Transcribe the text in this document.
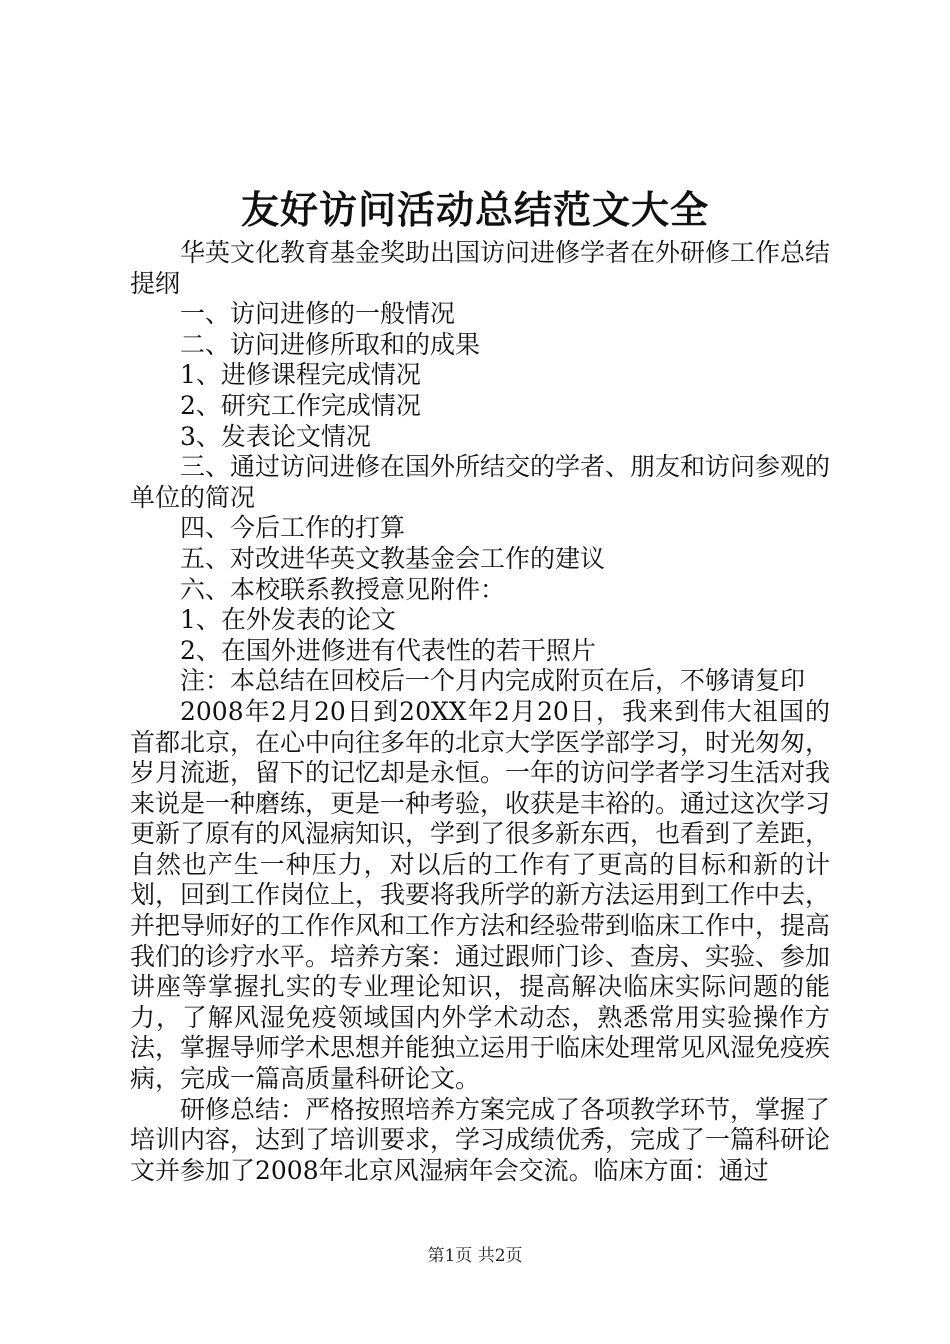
友好访问活动总结范文大全

华英文化教育基金奖助出国访问进修学者在外研修工作总结提纲

一、访问进修的一般情况

二、访问进修所取和的成果

1、进修课程完成情况

2、研究工作完成情况

3、发表论文情况

三、通过访问进修在国外所结交的学者、朋友和访问参观的单位的简况

四、今后工作的打算

五、对改进华英文教基金会工作的建议

六、本校联系教授意见附件：

1、在外发表的论文

2、在国外进修进有代表性的若干照片

注：本总结在回校后一个月内完成附页在后，不够请复印

2008年2月20日到20XX年2月20日，我来到伟大祖国的首都北京，在心中向往多年的北京大学医学部学习，时光匆匆，岁月流逝，留下的记忆却是永恒。一年的访问学者学习生活对我来说是一种磨练，更是一种考验，收获是丰裕的。通过这次学习更新了原有的风湿病知识，学到了很多新东西，也看到了差距，自然也产生一种压力，对以后的工作有了更高的目标和新的计划，回到工作岗位上，我要将我所学的新方法运用到工作中去，并把导师好的工作作风和工作方法和经验带到临床工作中，提高我们的诊疗水平。培养方案：通过跟师门诊、查房、实验、参加讲座等掌握扎实的专业理论知识，提高解决临床实际问题的能力，了解风湿免疫领域国内外学术动态，熟悉常用实验操作方法，掌握导师学术思想并能独立运用于临床处理常见风湿免疫疾病，完成一篇高质量科研论文。

研修总结：严格按照培养方案完成了各项教学环节，掌握了培训内容，达到了培训要求，学习成绩优秀，完成了一篇科研论文并参加了2008年北京风湿病年会交流。临床方面：通过

第1页 共2页
